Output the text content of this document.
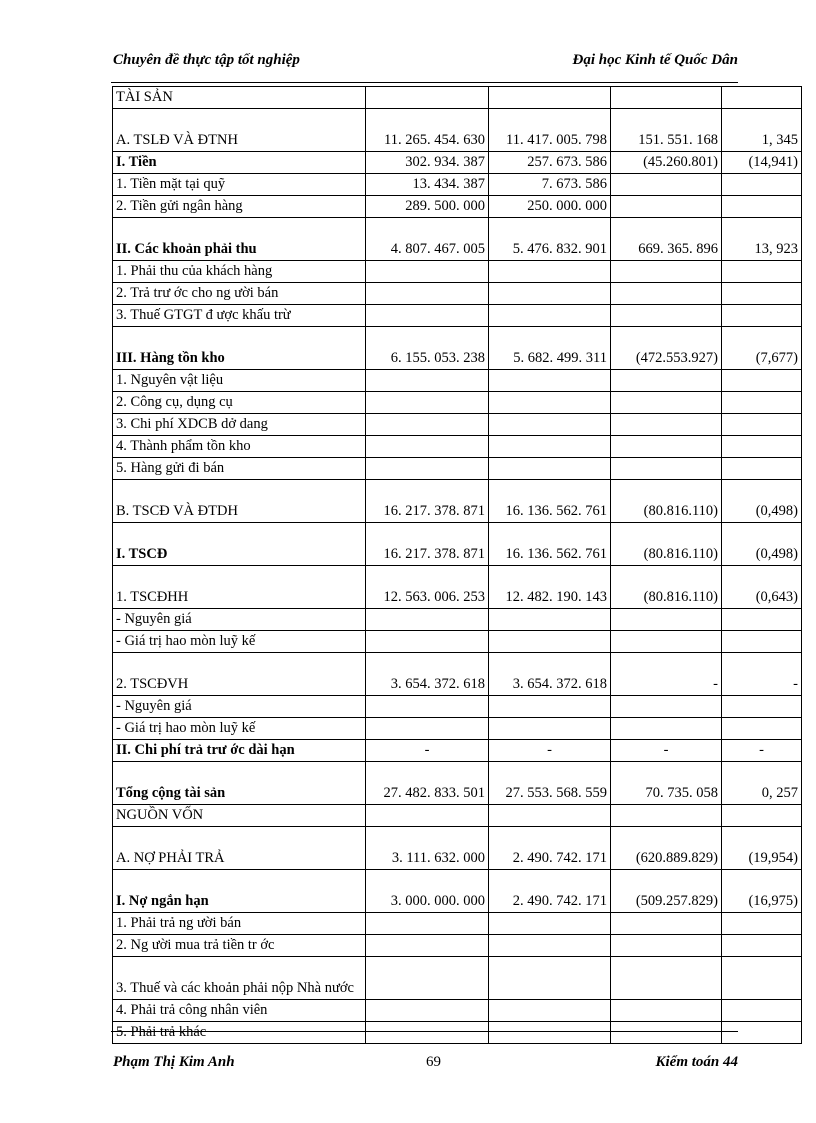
Chuyên đề thực tập tốt nghiệp	Đại học Kinh tế Quốc Dân
TÀI SẢN				
A. TSLĐ VÀ ĐTNH	11. 265. 454. 630	11. 417. 005. 798	151. 551. 168	1, 345
I. Tiền	302. 934. 387	257. 673. 586	(45.260.801)	(14,941)
1. Tiền mặt tại quỹ	13. 434. 387	7. 673. 586		
2. Tiền gửi ngân hàng	289. 500. 000	250. 000. 000		
II. Các khoản phải thu	4. 807. 467. 005	5. 476. 832. 901	669. 365. 896	13, 923
1. Phải thu của khách hàng				
2. Trả trư ớc cho ng ười bán				
3. Thuế GTGT đ ược khấu trừ				
III. Hàng tồn kho	6. 155. 053. 238	5. 682. 499. 311	(472.553.927)	(7,677)
1. Nguyên vật liệu				
2. Công cụ, dụng cụ				
3. Chi phí XDCB dở dang				
4. Thành phẩm tồn kho				
5. Hàng gửi đi bán				
B. TSCĐ VÀ ĐTDH	16. 217. 378. 871	16. 136. 562. 761	(80.816.110)	(0,498)
I. TSCĐ	16. 217. 378. 871	16. 136. 562. 761	(80.816.110)	(0,498)
1. TSCĐHH	12. 563. 006. 253	12. 482. 190. 143	(80.816.110)	(0,643)
- Nguyên giá				
- Giá trị hao mòn luỹ kế				
2. TSCĐVH	3. 654. 372. 618	3. 654. 372. 618	-	-
- Nguyên giá				
- Giá trị hao mòn luỹ kế				
II. Chi phí trả trư ớc dài hạn	-	-	-	-
Tổng cộng tài sản	27. 482. 833. 501	27. 553. 568. 559	70. 735. 058	0, 257
NGUỒN VỐN				
A. NỢ PHẢI TRẢ	3. 111. 632. 000	2. 490. 742. 171	(620.889.829)	(19,954)
I. Nợ ngắn hạn	3. 000. 000. 000	2. 490. 742. 171	(509.257.829)	(16,975)
1. Phải trả ng ười bán				
2. Ng ười mua trả tiền tr ớc				
3. Thuế và các khoản phải nộp Nhà nước				
4. Phải trả công nhân viên				
5. Phải trả khác				
Phạm Thị Kim Anh	69	Kiểm toán 44
